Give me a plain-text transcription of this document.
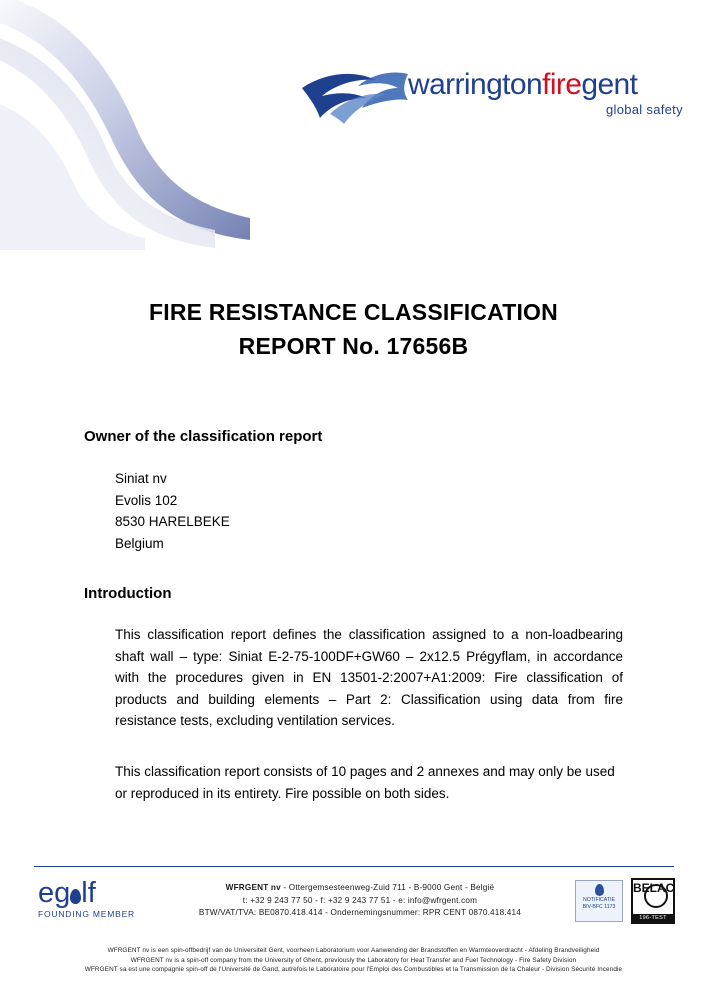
warringtonfiregent
global safety
FIRE RESISTANCE CLASSIFICATION
REPORT No. 17656B
Owner of the classification report
Siniat nv
Evolis 102
8530 HARELBEKE
Belgium
Introduction
This classification report defines the classification assigned to a non-loadbearing shaft wall – type: Siniat E-2-75-100DF+GW60 – 2x12.5 Prégyflam, in accordance with the procedures given in EN 13501-2:2007+A1:2009: Fire classification of products and building elements – Part 2: Classification using data from fire resistance tests, excluding ventilation services.
This classification report consists of 10 pages and 2 annexes and may only be used or reproduced in its entirety. Fire possible on both sides.
eg lf
FOUNDING MEMBER
WFRGENT nv - Ottergemsesteenweg-Zuid 711 - B-9000 Gent - België
t: +32 9 243 77 50 - f: +32 9 243 77 51 - e: info@wfrgent.com
BTW/VAT/TVA: BE0870.418.414 - Ondernemingsnummer: RPR CENT 0870.418.414
NOTIFICATIE
BIV-BFC 1173
BELAC
196-TEST
WFRGENT nv is een spin-offbedrijf van de Universiteit Gent, voorheen Laboratorium voor Aanwending der Brandstoffen en Warmteoverdracht - Afdeling Brandveiligheid
WFRGENT nv is a spin-off company from the University of Ghent, previously the Laboratory for Heat Transfer and Fuel Technology - Fire Safety Division
WFRGENT sa est une compagnie spin-off de l'Université de Gand, autrefois le Laboratoire pour l'Emploi des Combustibles et la Transmission de la Chaleur - Division Sécurité Incendie
